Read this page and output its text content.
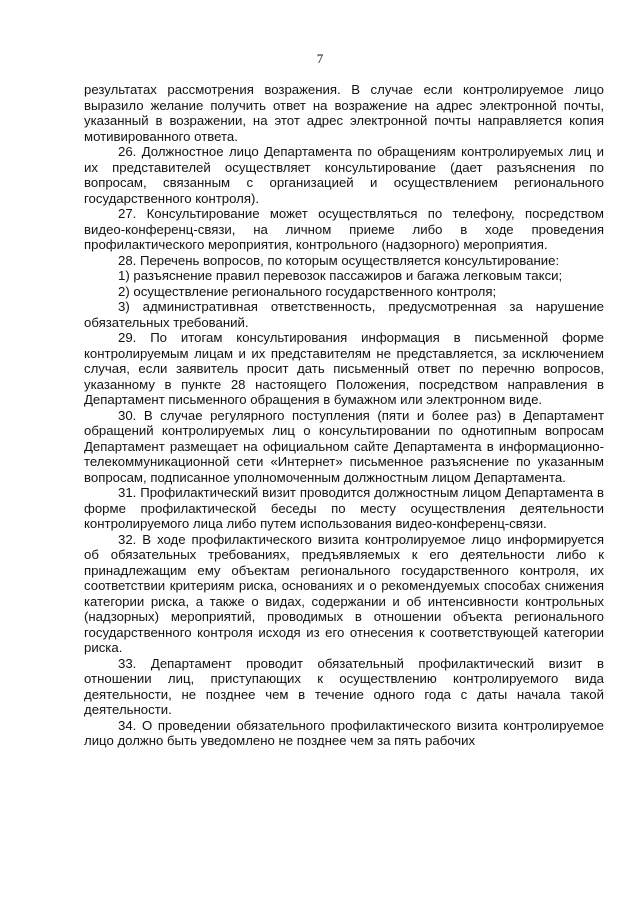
7

результатах рассмотрения возражения. В случае если контролируемое лицо выразило желание получить ответ на возражение на адрес электронной почты, указанный в возражении, на этот адрес электронной почты направляется копия мотивированного ответа.

26. Должностное лицо Департамента по обращениям контролируемых лиц и их представителей осуществляет консультирование (дает разъяснения по вопросам, связанным с организацией и осуществлением регионального государственного контроля).

27. Консультирование может осуществляться по телефону, посредством видео-конференц-связи, на личном приеме либо в ходе проведения профилактического мероприятия, контрольного (надзорного) мероприятия.

28. Перечень вопросов, по которым осуществляется консультирование:

1) разъяснение правил перевозок пассажиров и багажа легковым такси;

2) осуществление регионального государственного контроля;

3) административная ответственность, предусмотренная за нарушение обязательных требований.

29. По итогам консультирования информация в письменной форме контролируемым лицам и их представителям не представляется, за исключением случая, если заявитель просит дать письменный ответ по перечню вопросов, указанному в пункте 28 настоящего Положения, посредством направления в Департамент письменного обращения в бумажном или электронном виде.

30. В случае регулярного поступления (пяти и более раз) в Департамент обращений контролируемых лиц о консультировании по однотипным вопросам Департамент размещает на официальном сайте Департамента в информационно-телекоммуникационной сети «Интернет» письменное разъяснение по указанным вопросам, подписанное уполномоченным должностным лицом Департамента.

31. Профилактический визит проводится должностным лицом Департамента в форме профилактической беседы по месту осуществления деятельности контролируемого лица либо путем использования видео-конференц-связи.

32. В ходе профилактического визита контролируемое лицо информируется об обязательных требованиях, предъявляемых к его деятельности либо к принадлежащим ему объектам регионального государственного контроля, их соответствии критериям риска, основаниях и о рекомендуемых способах снижения категории риска, а также о видах, содержании и об интенсивности контрольных (надзорных) мероприятий, проводимых в отношении объекта регионального государственного контроля исходя из его отнесения к соответствующей категории риска.

33. Департамент проводит обязательный профилактический визит в отношении лиц, приступающих к осуществлению контролируемого вида деятельности, не позднее чем в течение одного года с даты начала такой деятельности.

34. О проведении обязательного профилактического визита контролируемое лицо должно быть уведомлено не позднее чем за пять рабочих
